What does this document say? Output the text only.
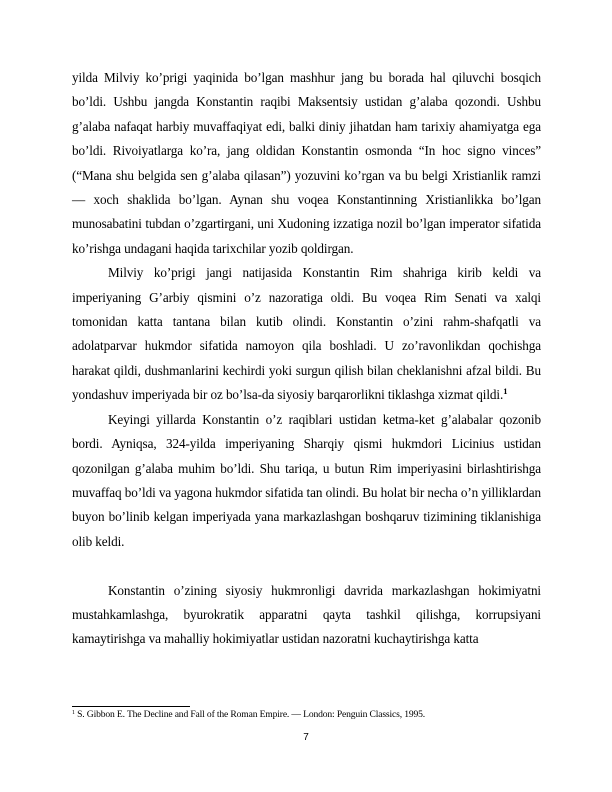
yilda Milviy ko’prigi yaqinida bo’lgan mashhur jang bu borada hal qiluvchi bosqich bo’ldi. Ushbu jangda Konstantin raqibi Maksentsiy ustidan g’alaba qozondi. Ushbu g’alaba nafaqat harbiy muvaffaqiyat edi, balki diniy jihatdan ham tarixiy ahamiyatga ega bo’ldi. Rivoiyatlarga ko’ra, jang oldidan Konstantin osmonda “In hoc signo vinces” (“Mana shu belgida sen g’alaba qilasan”) yozuvini ko’rgan va bu belgi Xristianlik ramzi — xoch shaklida bo’lgan. Aynan shu voqea Konstantinning Xristianlikka bo’lgan munosabatini tubdan o’zgartirgani, uni Xudoning izzatiga nozil bo’lgan imperator sifatida ko’rishga undagani haqida tarixchilar yozib qoldirgan.

Milviy ko’prigi jangi natijasida Konstantin Rim shahriga kirib keldi va imperiyaning G’arbiy qismini o’z nazoratiga oldi. Bu voqea Rim Senati va xalqi tomonidan katta tantana bilan kutib olindi. Konstantin o’zini rahm-shafqatli va adolatparvar hukmdor sifatida namoyon qila boshladi. U zo’ravonlikdan qochishga harakat qildi, dushmanlarini kechirdi yoki surgun qilish bilan cheklanishni afzal bildi. Bu yondashuv imperiyada bir oz bo’lsa-da siyosiy barqarorlikni tiklashga xizmat qildi.$^1$

Keyingi yillarda Konstantin o’z raqiblari ustidan ketma-ket g’alabalar qozonib bordi. Ayniqsa, 324-yilda imperiyaning Sharqiy qismi hukmdori Licinius ustidan qozonilgan g’alaba muhim bo’ldi. Shu tariqa, u butun Rim imperiyasini birlashtirishga muvaffaq bo’ldi va yagona hukmdor sifatida tan olindi. Bu holat bir necha o’n yilliklardan buyon bo’linib kelgan imperiyada yana markazlashgan boshqaruv tizimining tiklanishiga olib keldi.

Konstantin o’zining siyosiy hukmronligi davrida markazlashgan hokimiyatni mustahkamlashga, byurokratik apparatni qayta tashkil qilishga, korrupsiyani kamaytirishga va mahalliy hokimiyatlar ustidan nazoratni kuchaytirishga katta

$^1$ S. Gibbon E. The Decline and Fall of the Roman Empire. — London: Penguin Classics, 1995.
7
